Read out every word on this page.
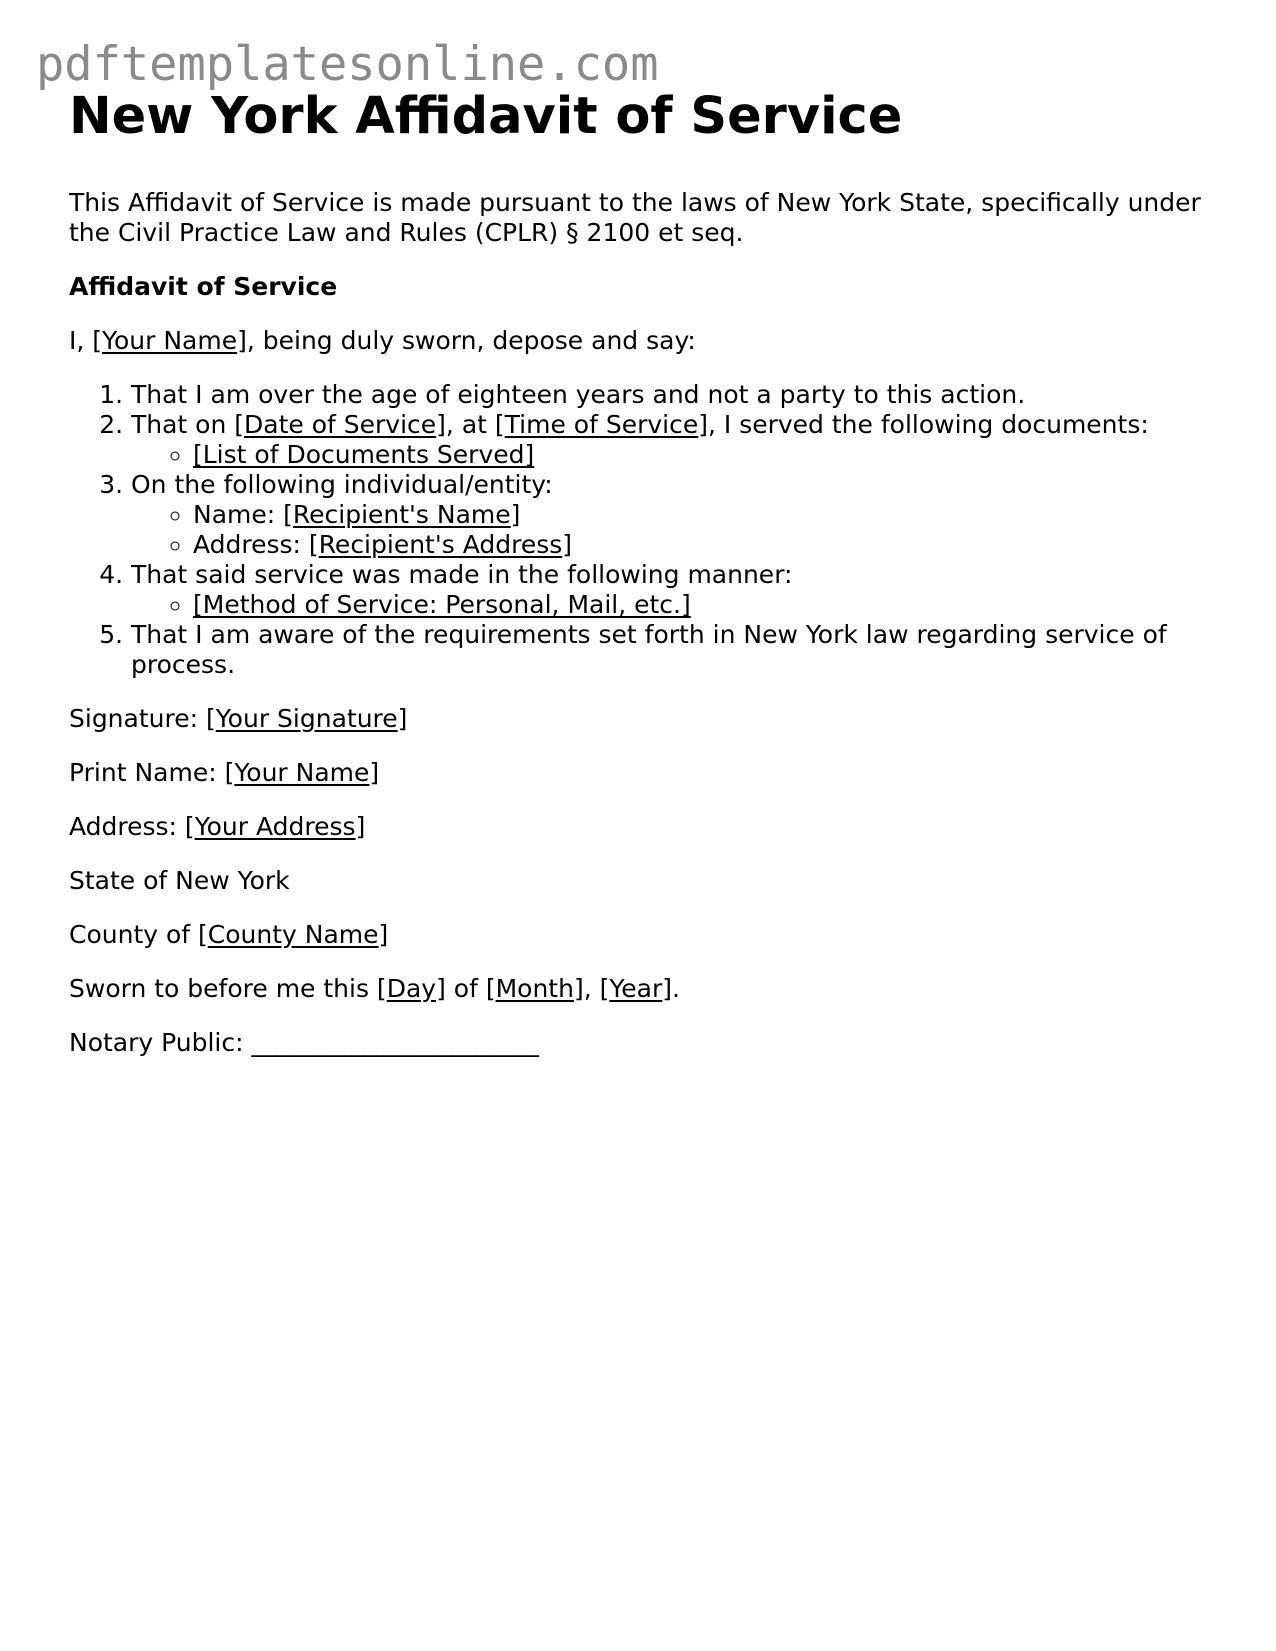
pdftemplatesonline.com
New York Affidavit of Service

This Affidavit of Service is made pursuant to the laws of New York State, specifically under the Civil Practice Law and Rules (CPLR) § 2100 et seq.

Affidavit of Service

I, [Your Name], being duly sworn, depose and say:

1. That I am over the age of eighteen years and not a party to this action.
2. That on [Date of Service], at [Time of Service], I served the following documents:
◦ [List of Documents Served]
3. On the following individual/entity:
◦ Name: [Recipient's Name]
◦ Address: [Recipient's Address]
4. That said service was made in the following manner:
◦ [Method of Service: Personal, Mail, etc.]
5. That I am aware of the requirements set forth in New York law regarding service of process.

Signature: [Your Signature]

Print Name: [Your Name]

Address: [Your Address]

State of New York

County of [County Name]

Sworn to before me this [Day] of [Month], [Year].

Notary Public: _______________________
